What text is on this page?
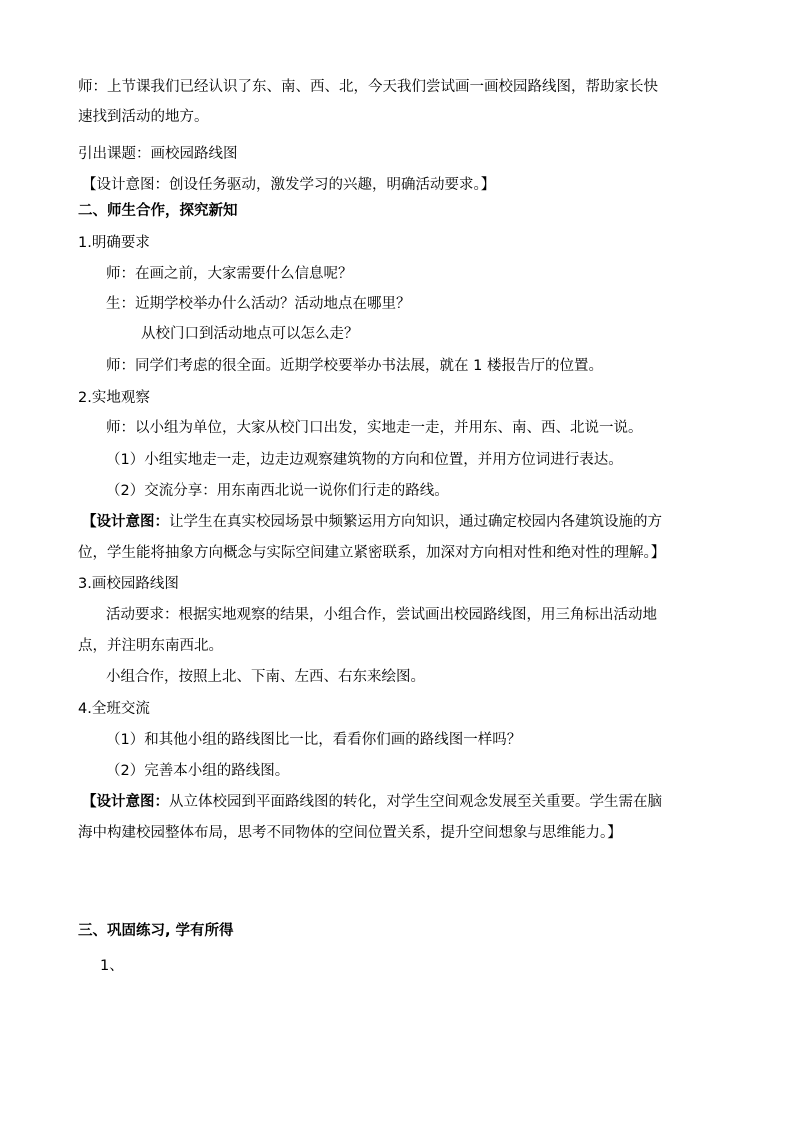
师：上节课我们已经认识了东、南、西、北，今天我们尝试画一画校园路线图，帮助家长快
速找到活动的地方。
引出课题：画校园路线图
【设计意图：创设任务驱动，激发学习的兴趣，明确活动要求。】
二、师生合作，探究新知
1.明确要求
师：在画之前，大家需要什么信息呢？
生：近期学校举办什么活动？活动地点在哪里？
从校门口到活动地点可以怎么走？
师：同学们考虑的很全面。近期学校要举办书法展，就在 1 楼报告厅的位置。
2.实地观察
师：以小组为单位，大家从校门口出发，实地走一走，并用东、南、西、北说一说。
（1）小组实地走一走，边走边观察建筑物的方向和位置，并用方位词进行表达。
（2）交流分享：用东南西北说一说你们行走的路线。
【设计意图：让学生在真实校园场景中频繁运用方向知识，通过确定校园内各建筑设施的方
位，学生能将抽象方向概念与实际空间建立紧密联系，加深对方向相对性和绝对性的理解。】
3.画校园路线图
活动要求：根据实地观察的结果，小组合作，尝试画出校园路线图，用三角标出活动地
点，并注明东南西北。
小组合作，按照上北、下南、左西、右东来绘图。
4.全班交流
（1）和其他小组的路线图比一比，看看你们画的路线图一样吗？
（2）完善本小组的路线图。
【设计意图：从立体校园到平面路线图的转化，对学生空间观念发展至关重要。学生需在脑
海中构建校园整体布局，思考不同物体的空间位置关系，提升空间想象与思维能力。】
三、巩固练习, 学有所得
1、
